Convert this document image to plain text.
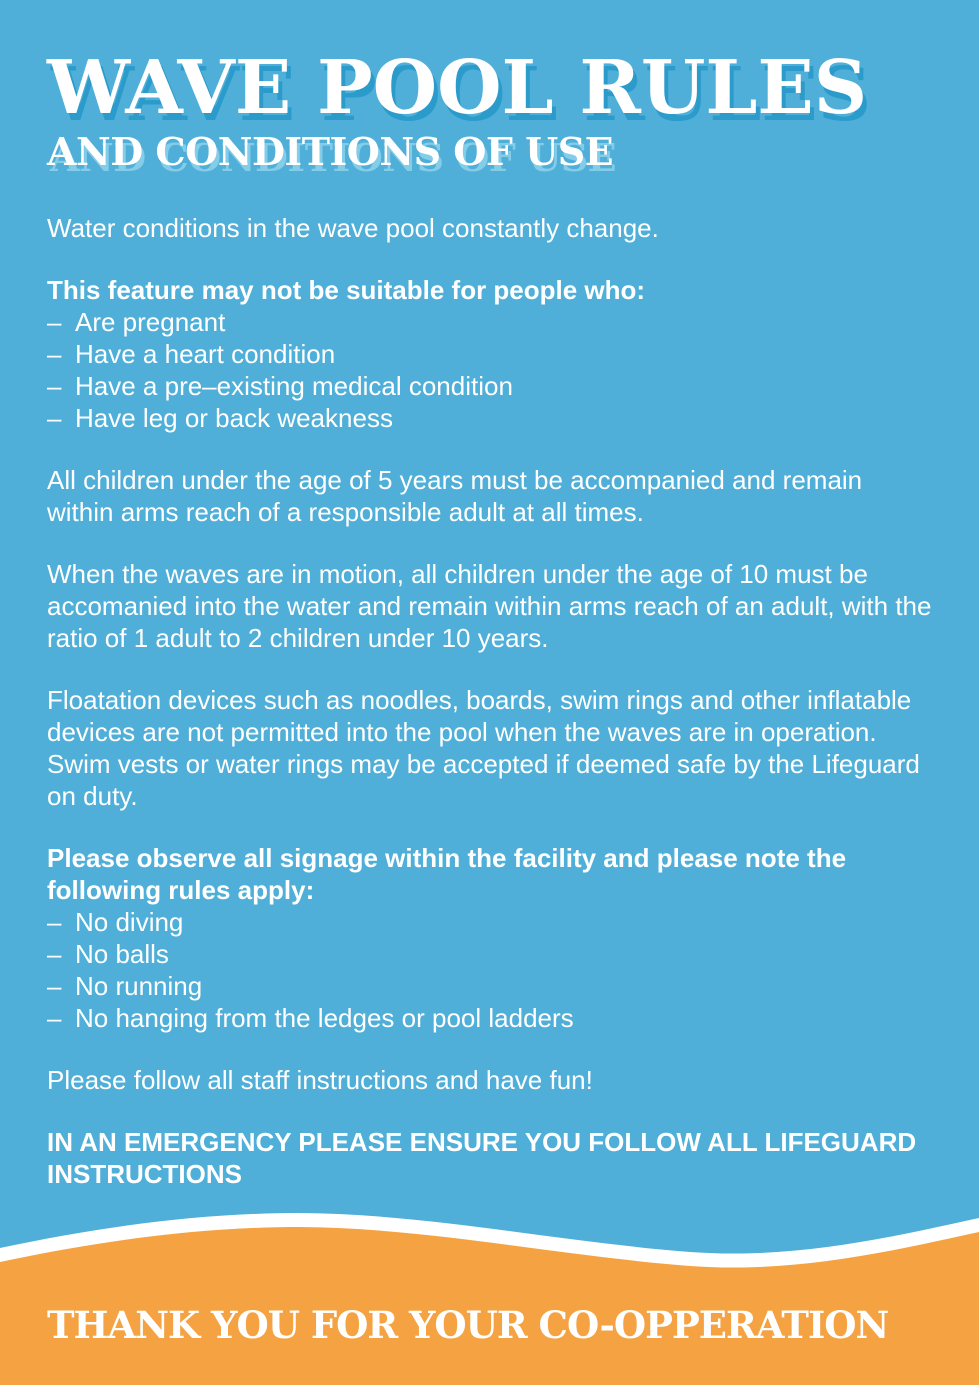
WAVE POOL RULES
AND CONDITIONS OF USE

Water conditions in the wave pool constantly change.

This feature may not be suitable for people who:

– Are pregnant
– Have a heart condition
– Have a pre–existing medical condition
– Have leg or back weakness

All children under the age of 5 years must be accompanied and remain within arms reach of a responsible adult at all times.

When the waves are in motion, all children under the age of 10 must be accomanied into the water and remain within arms reach of an adult, with the ratio of 1 adult to 2 children under 10 years.

Floatation devices such as noodles, boards, swim rings and other inflatable devices are not permitted into the pool when the waves are in operation. Swim vests or water rings may be accepted if deemed safe by the Lifeguard on duty.

Please observe all signage within the facility and please note the following rules apply:

– No diving
– No balls
– No running
– No hanging from the ledges or pool ladders

Please follow all staff instructions and have fun!

IN AN EMERGENCY PLEASE ENSURE YOU FOLLOW ALL LIFEGUARD INSTRUCTIONS

THANK YOU FOR YOUR CO-OPPERATION
